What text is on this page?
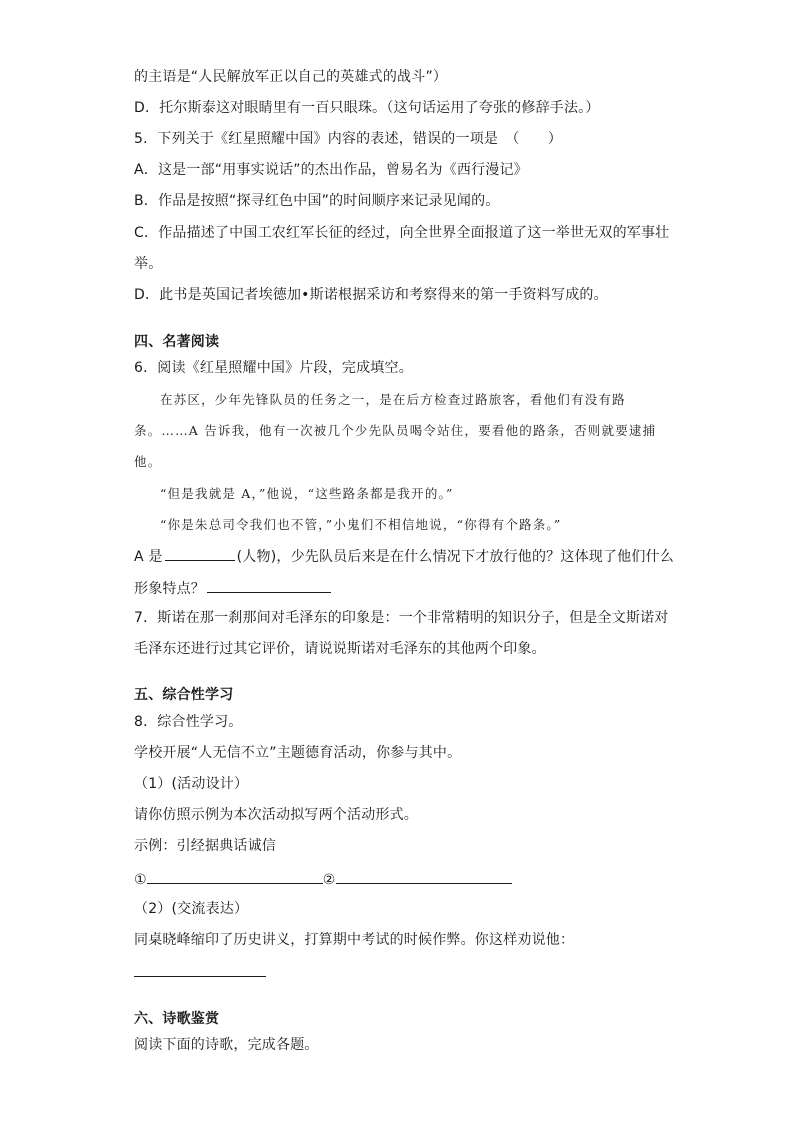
的主语是“人民解放军正以自己的英雄式的战斗”）
D．托尔斯泰这对眼睛里有一百只眼珠。（这句话运用了夸张的修辞手法。）
5．下列关于《红星照耀中国》内容的表述，错误的一项是　（　　）
A．这是一部“用事实说话”的杰出作品，曾易名为《西行漫记》
B．作品是按照“探寻红色中国”的时间顺序来记录见闻的。
C．作品描述了中国工农红军长征的经过，向全世界全面报道了这一举世无双的军事壮
举。
D．此书是英国记者埃德加•斯诺根据采访和考察得来的第一手资料写成的。
四、名著阅读
6．阅读《红星照耀中国》片段，完成填空。
在苏区，少年先锋队员的任务之一，是在后方检查过路旅客，看他们有没有路
条。……A 告诉我，他有一次被几个少先队员喝令站住，要看他的路条，否则就要逮捕
他。
“但是我就是 A，”他说，“这些路条都是我开的。”
“你是朱总司令我们也不管，”小鬼们不相信地说，“你得有个路条。”
A 是	(人物)，少先队员后来是在什么情况下才放行他的？这体现了他们什么
形象特点？
7．斯诺在那一刹那间对毛泽东的印象是：一个非常精明的知识分子，但是全文斯诺对
毛泽东还进行过其它评价，请说说斯诺对毛泽东的其他两个印象。
五、综合性学习
8．综合性学习。
学校开展“人无信不立”主题德育活动，你参与其中。
（1）(活动设计）
请你仿照示例为本次活动拟写两个活动形式。
示例：引经据典话诚信
①	②
（2）(交流表达）
同桌晓峰缩印了历史讲义，打算期中考试的时候作弊。你这样劝说他：
六、诗歌鉴赏
阅读下面的诗歌，完成各题。
